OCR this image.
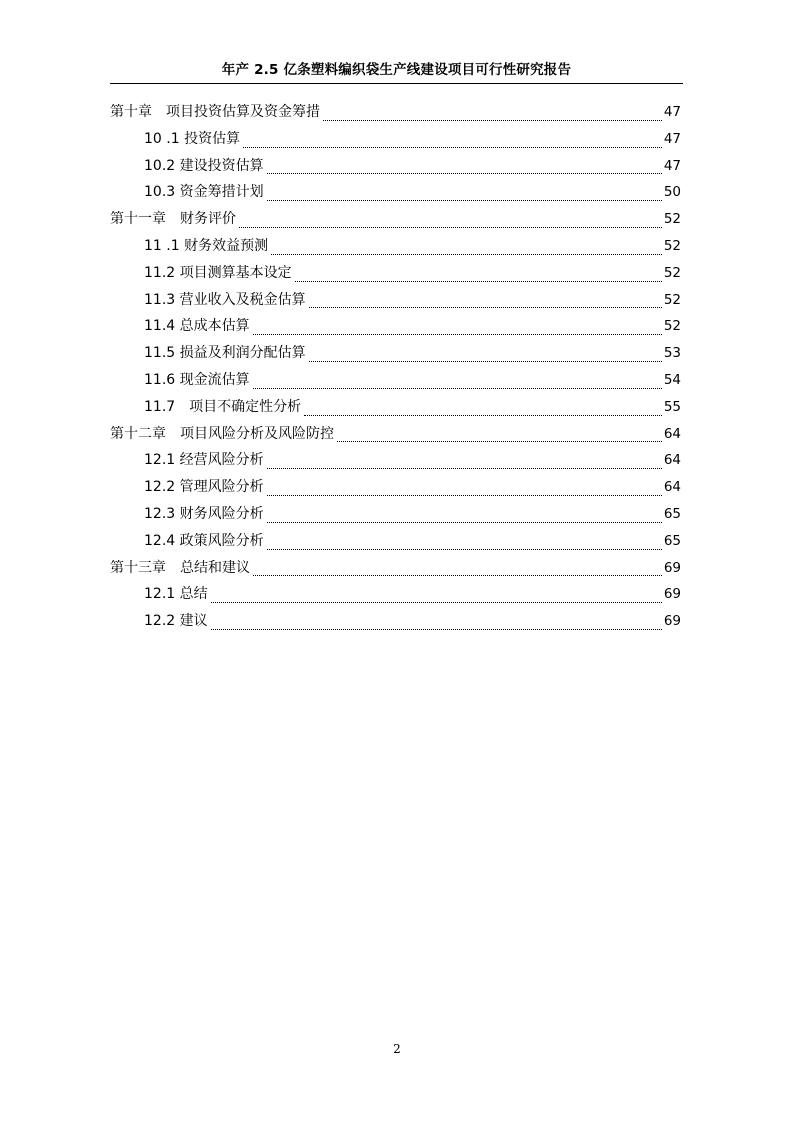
年产 2.5 亿条塑料编织袋生产线建设项目可行性研究报告
第十章　项目投资估算及资金筹措	47
10 .1 投资估算	47
10.2 建设投资估算	47
10.3 资金筹措计划	50
第十一章　财务评价	52
11 .1 财务效益预测	52
11.2 项目测算基本设定	52
11.3 营业收入及税金估算	52
11.4 总成本估算	52
11.5 损益及利润分配估算	53
11.6 现金流估算	54
11.7　项目不确定性分析	55
第十二章　项目风险分析及风险防控	64
12.1 经营风险分析	64
12.2 管理风险分析	64
12.3 财务风险分析	65
12.4 政策风险分析	65
第十三章　总结和建议	69
12.1 总结	69
12.2 建议	69
2
